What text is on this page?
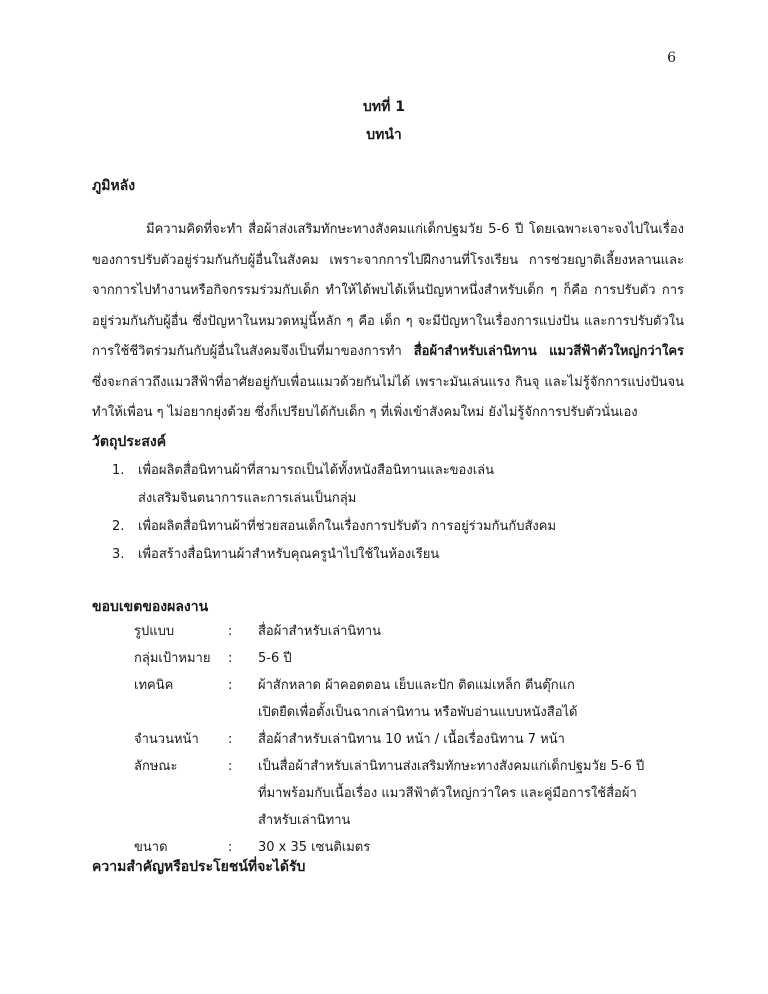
6
บทที่ 1
บทนำ
ภูมิหลัง
มีความคิดที่จะทำ สื่อผ้าส่งเสริมทักษะทางสังคมแก่เด็กปฐมวัย 5-6 ปี โดยเฉพาะเจาะจงไปในเรื่องของการปรับตัวอยู่ร่วมกันกับผู้อื่นในสังคม เพราะจากการไปฝึกงานที่โรงเรียน การช่วยญาติเลี้ยงหลานและจากการไปทำงานหรือกิจกรรมร่วมกับเด็ก ทำให้ได้พบได้เห็นปัญหาหนึ่งสำหรับเด็ก ๆ ก็คือ การปรับตัว การอยู่ร่วมกันกับผู้อื่น ซึ่งปัญหาในหมวดหมู่นี้หลัก ๆ คือ เด็ก ๆ จะมีปัญหาในเรื่องการแบ่งปัน และการปรับตัวในการใช้ชีวิตร่วมกันกับผู้อื่นในสังคมจึงเป็นที่มาของการทำ สื่อผ้าสำหรับเล่านิทาน แมวสีฟ้าตัวใหญ่กว่าใคร ซึ่งจะกล่าวถึงแมวสีฟ้าที่อาศัยอยู่กับเพื่อนแมวด้วยกันไม่ได้ เพราะมันเล่นแรง กินจุ และไม่รู้จักการแบ่งปันจนทำให้เพื่อน ๆ ไม่อยากยุ่งด้วย ซึ่งก็เปรียบได้กับเด็ก ๆ ที่เพิ่งเข้าสังคมใหม่ ยังไม่รู้จักการปรับตัวนั่นเอง
วัตถุประสงค์
1.	เพื่อผลิตสื่อนิทานผ้าที่สามารถเป็นได้ทั้งหนังสือนิทานและของเล่น
ส่งเสริมจินตนาการและการเล่นเป็นกลุ่ม
2.	เพื่อผลิตสื่อนิทานผ้าที่ช่วยสอนเด็กในเรื่องการปรับตัว การอยู่ร่วมกันกับสังคม
3.	เพื่อสร้างสื่อนิทานผ้าสำหรับคุณครูนำไปใช้ในห้องเรียน
ขอบเขตของผลงาน
รูปแบบ	:	สื่อผ้าสำหรับเล่านิทาน
กลุ่มเป้าหมาย	:	5-6 ปี
เทคนิค	:	ผ้าสักหลาด ผ้าคอตตอน เย็บและปัก ติดแม่เหล็ก ตีนตุ๊กแก
เปิดยืดเพื่อตั้งเป็นฉากเล่านิทาน หรือพับอ่านแบบหนังสือได้
จำนวนหน้า	:	สื่อผ้าสำหรับเล่านิทาน 10 หน้า / เนื้อเรื่องนิทาน 7 หน้า
ลักษณะ	:	เป็นสื่อผ้าสำหรับเล่านิทานส่งเสริมทักษะทางสังคมแก่เด็กปฐมวัย 5-6 ปี
ที่มาพร้อมกับเนื้อเรื่อง แมวสีฟ้าตัวใหญ่กว่าใคร และคู่มือการใช้สื่อผ้า
สำหรับเล่านิทาน
ขนาด	:	30 x 35 เซนติเมตร
ความสำคัญหรือประโยชน์ที่จะได้รับ
